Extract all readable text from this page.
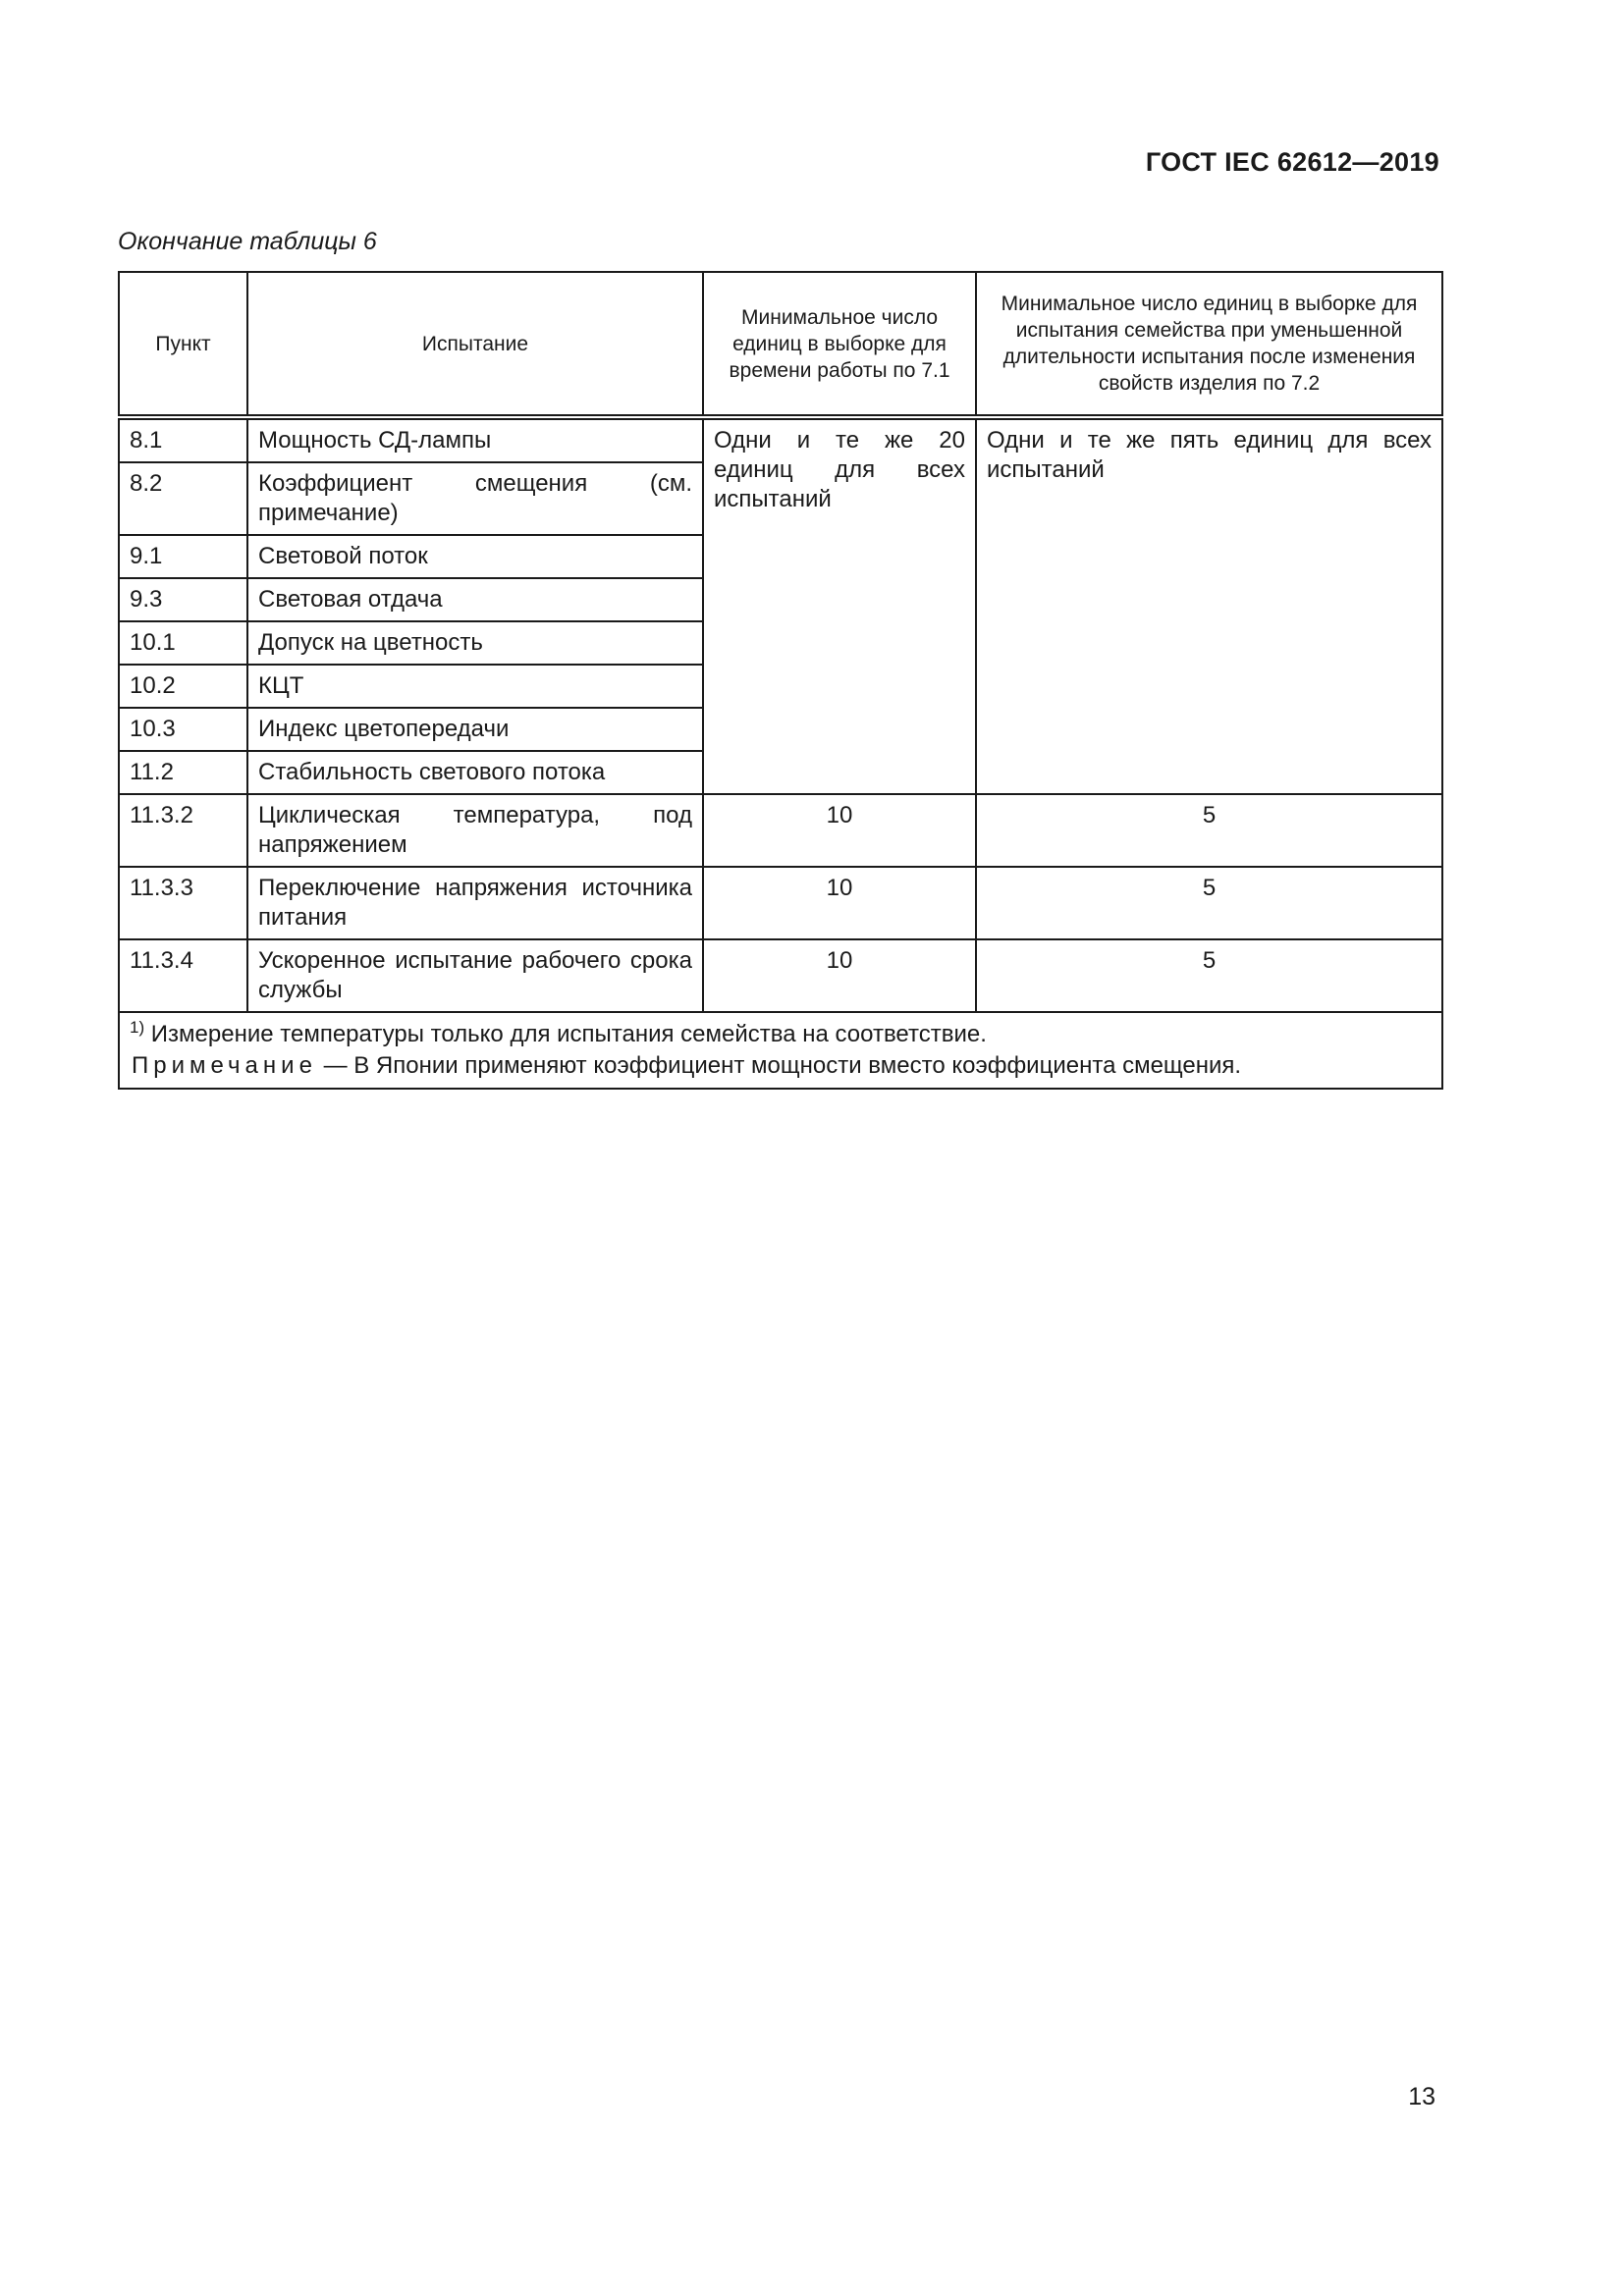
ГОСТ IEC 62612—2019
Окончание таблицы 6
Пункт	Испытание	Минимальное число единиц в выборке для времени работы по 7.1	Минимальное число единиц в выборке для испытания семейства при уменьшенной длительности испытания после изменения свойств изделия по 7.2
8.1	Мощность СД-лампы	Одни и те же 20 единиц для всех испытаний	Одни и те же пять единиц для всех испытаний
8.2	Коэффициент смещения (см. примечание)		
9.1	Световой поток		
9.3	Световая отдача		
10.1	Допуск на цветность		
10.2	КЦТ		
10.3	Индекс цветопередачи		
11.2	Стабильность светового потока		
11.3.2	Циклическая температура, под напряжением	10	5
11.3.3	Переключение напряжения источника питания	10	5
11.3.4	Ускоренное испытание рабочего срока службы	10	5

$^{1)}$ Измерение температуры только для испытания семейства на соответствие.
Примечание — В Японии применяют коэффициент мощности вместо коэффициента смещения.			
13
